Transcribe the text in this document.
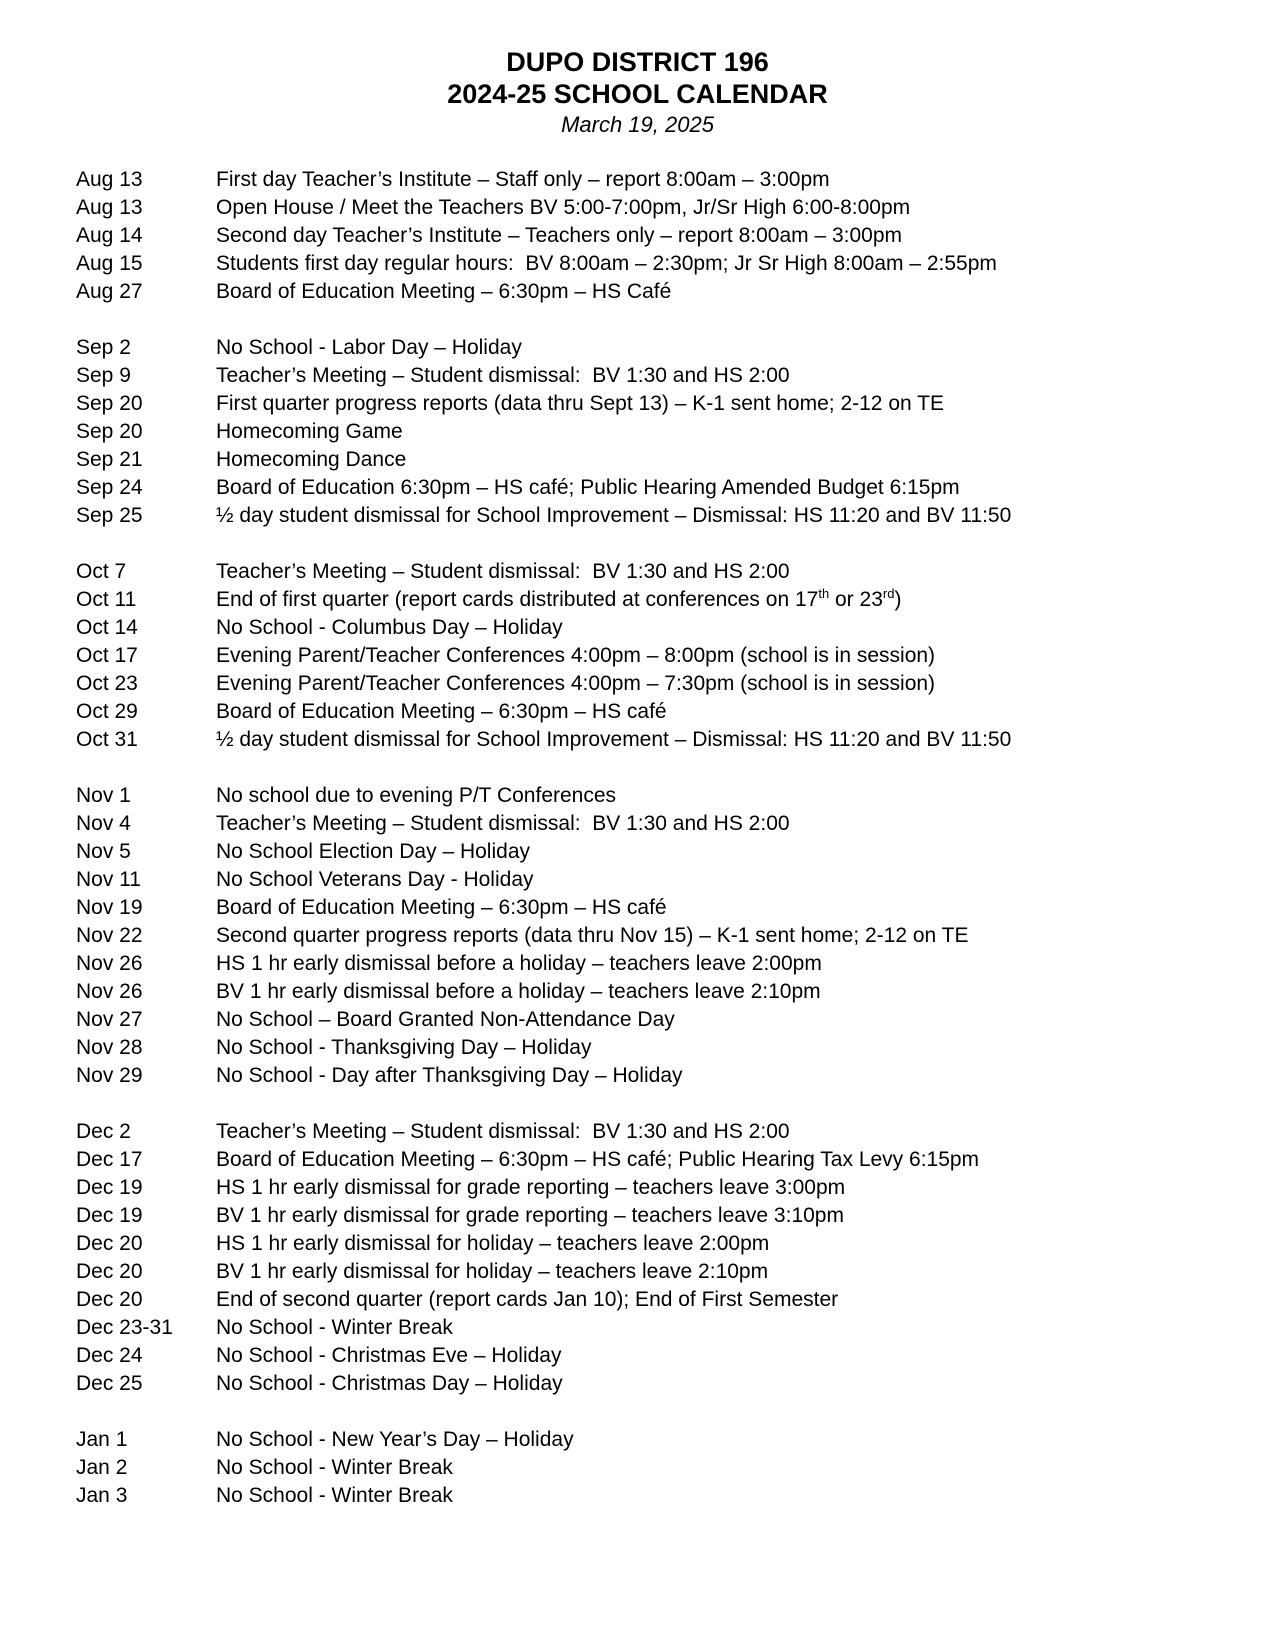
DUPO DISTRICT 196
2024-25 SCHOOL CALENDAR
March 19, 2025
Aug 13	First day Teacher’s Institute – Staff only – report 8:00am – 3:00pm
Aug 13	Open House / Meet the Teachers BV 5:00-7:00pm, Jr/Sr High 6:00-8:00pm
Aug 14	Second day Teacher’s Institute – Teachers only – report 8:00am – 3:00pm
Aug 15	Students first day regular hours:  BV 8:00am – 2:30pm; Jr Sr High 8:00am – 2:55pm
Aug 27	Board of Education Meeting – 6:30pm – HS Café
Sep 2	No School - Labor Day – Holiday
Sep 9	Teacher’s Meeting – Student dismissal:  BV 1:30 and HS 2:00
Sep 20	First quarter progress reports (data thru Sept 13) – K-1 sent home; 2-12 on TE
Sep 20	Homecoming Game
Sep 21	Homecoming Dance
Sep 24	Board of Education 6:30pm – HS café; Public Hearing Amended Budget 6:15pm
Sep 25	½ day student dismissal for School Improvement – Dismissal: HS 11:20 and BV 11:50
Oct 7	Teacher’s Meeting – Student dismissal:  BV 1:30 and HS 2:00
Oct 11	End of first quarter (report cards distributed at conferences on 17th or 23rd)
Oct 14	No School - Columbus Day – Holiday
Oct 17	Evening Parent/Teacher Conferences 4:00pm – 8:00pm (school is in session)
Oct 23	Evening Parent/Teacher Conferences 4:00pm – 7:30pm (school is in session)
Oct 29	Board of Education Meeting – 6:30pm – HS café
Oct 31	½ day student dismissal for School Improvement – Dismissal: HS 11:20 and BV 11:50
Nov 1	No school due to evening P/T Conferences
Nov 4	Teacher’s Meeting – Student dismissal:  BV 1:30 and HS 2:00
Nov 5	No School Election Day – Holiday
Nov 11	No School Veterans Day - Holiday
Nov 19	Board of Education Meeting – 6:30pm – HS café
Nov 22	Second quarter progress reports (data thru Nov 15) – K-1 sent home; 2-12 on TE
Nov 26	HS 1 hr early dismissal before a holiday – teachers leave 2:00pm
Nov 26	BV 1 hr early dismissal before a holiday – teachers leave 2:10pm
Nov 27	No School – Board Granted Non-Attendance Day
Nov 28	No School - Thanksgiving Day – Holiday
Nov 29	No School - Day after Thanksgiving Day – Holiday
Dec 2	Teacher’s Meeting – Student dismissal:  BV 1:30 and HS 2:00
Dec 17	Board of Education Meeting – 6:30pm – HS café; Public Hearing Tax Levy 6:15pm
Dec 19	HS 1 hr early dismissal for grade reporting – teachers leave 3:00pm
Dec 19	BV 1 hr early dismissal for grade reporting – teachers leave 3:10pm
Dec 20	HS 1 hr early dismissal for holiday – teachers leave 2:00pm
Dec 20	BV 1 hr early dismissal for holiday – teachers leave 2:10pm
Dec 20	End of second quarter (report cards Jan 10); End of First Semester
Dec 23-31	No School - Winter Break
Dec 24	No School - Christmas Eve – Holiday
Dec 25	No School - Christmas Day – Holiday
Jan 1	No School - New Year’s Day – Holiday
Jan 2	No School - Winter Break
Jan 3	No School - Winter Break
